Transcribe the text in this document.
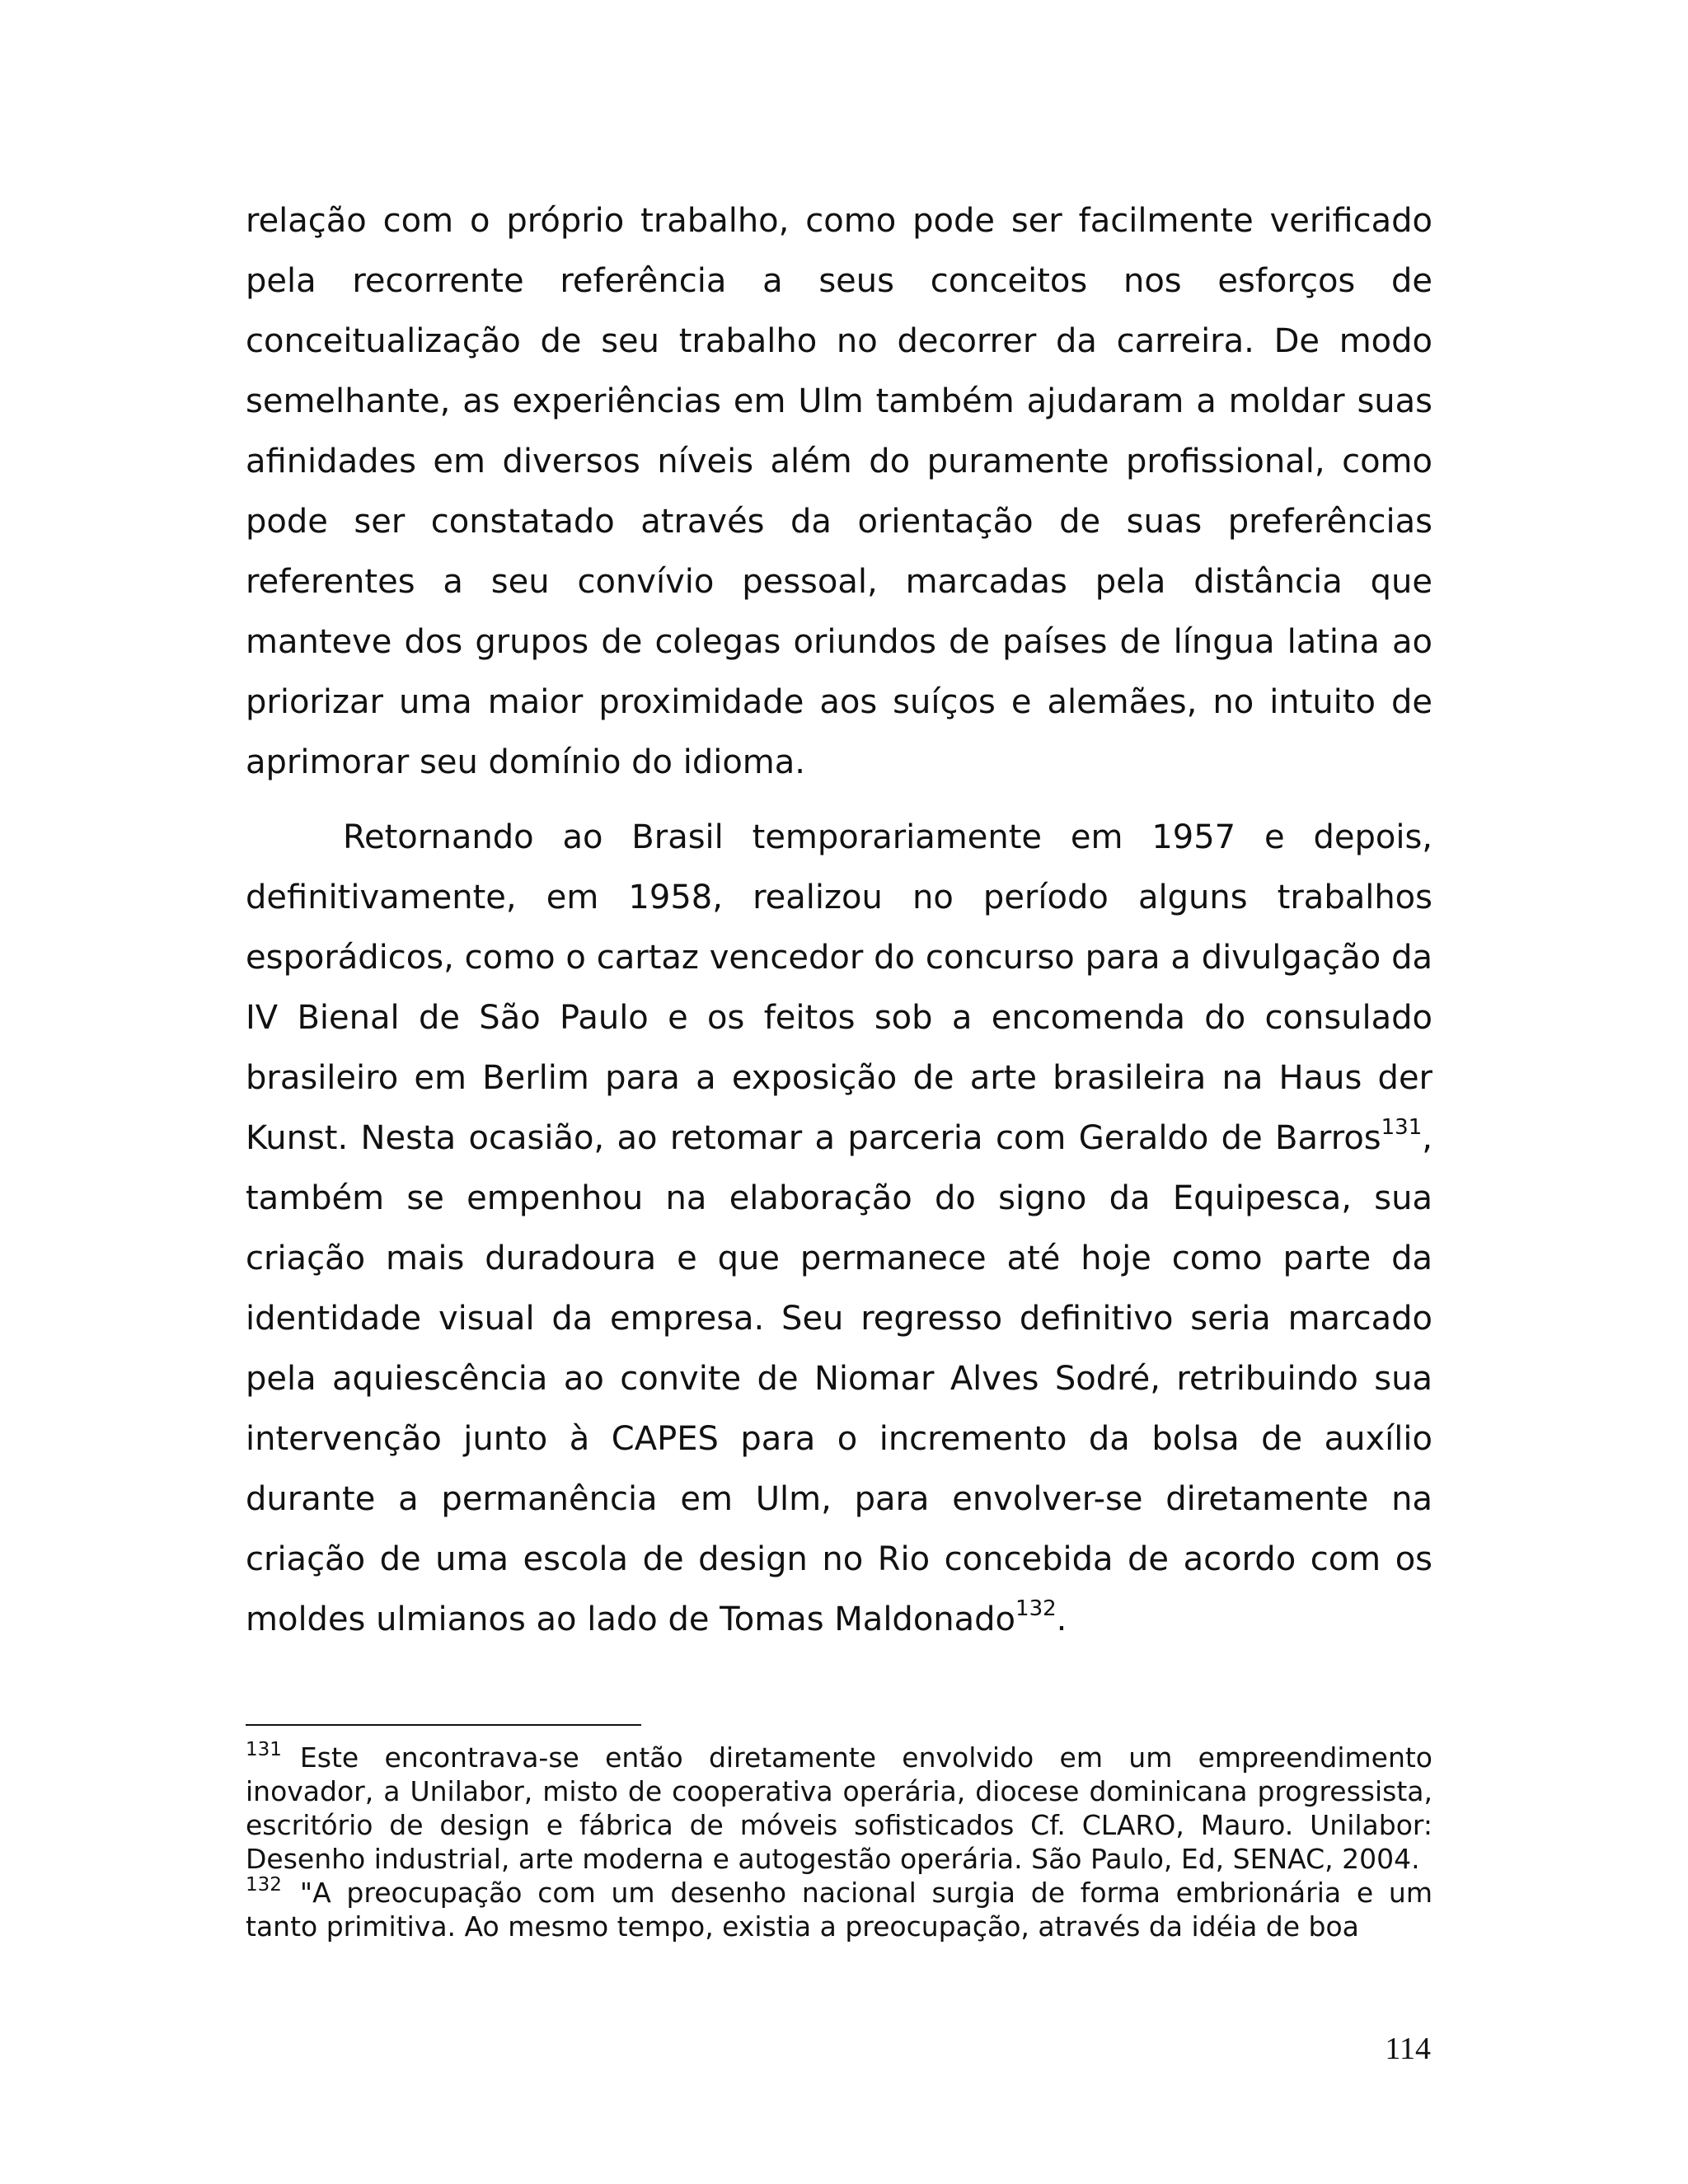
relação com o próprio trabalho, como pode ser facilmente verificado pela recorrente referência a seus conceitos nos esforços de conceitualização de seu trabalho no decorrer da carreira. De modo semelhante, as experiências em Ulm também ajudaram a moldar suas afinidades em diversos níveis além do puramente profissional, como pode ser constatado através da orientação de suas preferências referentes a seu convívio pessoal, marcadas pela distância que manteve dos grupos de colegas oriundos de países de língua latina ao priorizar uma maior proximidade aos suíços e alemães, no intuito de aprimorar seu domínio do idioma.

Retornando ao Brasil temporariamente em 1957 e depois, definitivamente, em 1958, realizou no período alguns trabalhos esporádicos, como o cartaz vencedor do concurso para a divulgação da IV Bienal de São Paulo e os feitos sob a encomenda do consulado brasileiro em Berlim para a exposição de arte brasileira na Haus der Kunst. Nesta ocasião, ao retomar a parceria com Geraldo de Barros$^{131}$, também se empenhou na elaboração do signo da Equipesca, sua criação mais duradoura e que permanece até hoje como parte da identidade visual da empresa. Seu regresso definitivo seria marcado pela aquiescência ao convite de Niomar Alves Sodré, retribuindo sua intervenção junto à CAPES para o incremento da bolsa de auxílio durante a permanência em Ulm, para envolver-se diretamente na criação de uma escola de design no Rio concebida de acordo com os moldes ulmianos ao lado de Tomas Maldonado$^{132}$.

$^{131}$ Este encontrava-se então diretamente envolvido em um empreendimento inovador, a Unilabor, misto de cooperativa operária, diocese dominicana progressista, escritório de design e fábrica de móveis sofisticados Cf. CLARO, Mauro. Unilabor: Desenho industrial, arte moderna e autogestão operária. São Paulo, Ed, SENAC, 2004.

$^{132}$ "A preocupação com um desenho nacional surgia de forma embrionária e um tanto primitiva. Ao mesmo tempo, existia a preocupação, através da idéia de boa

114
